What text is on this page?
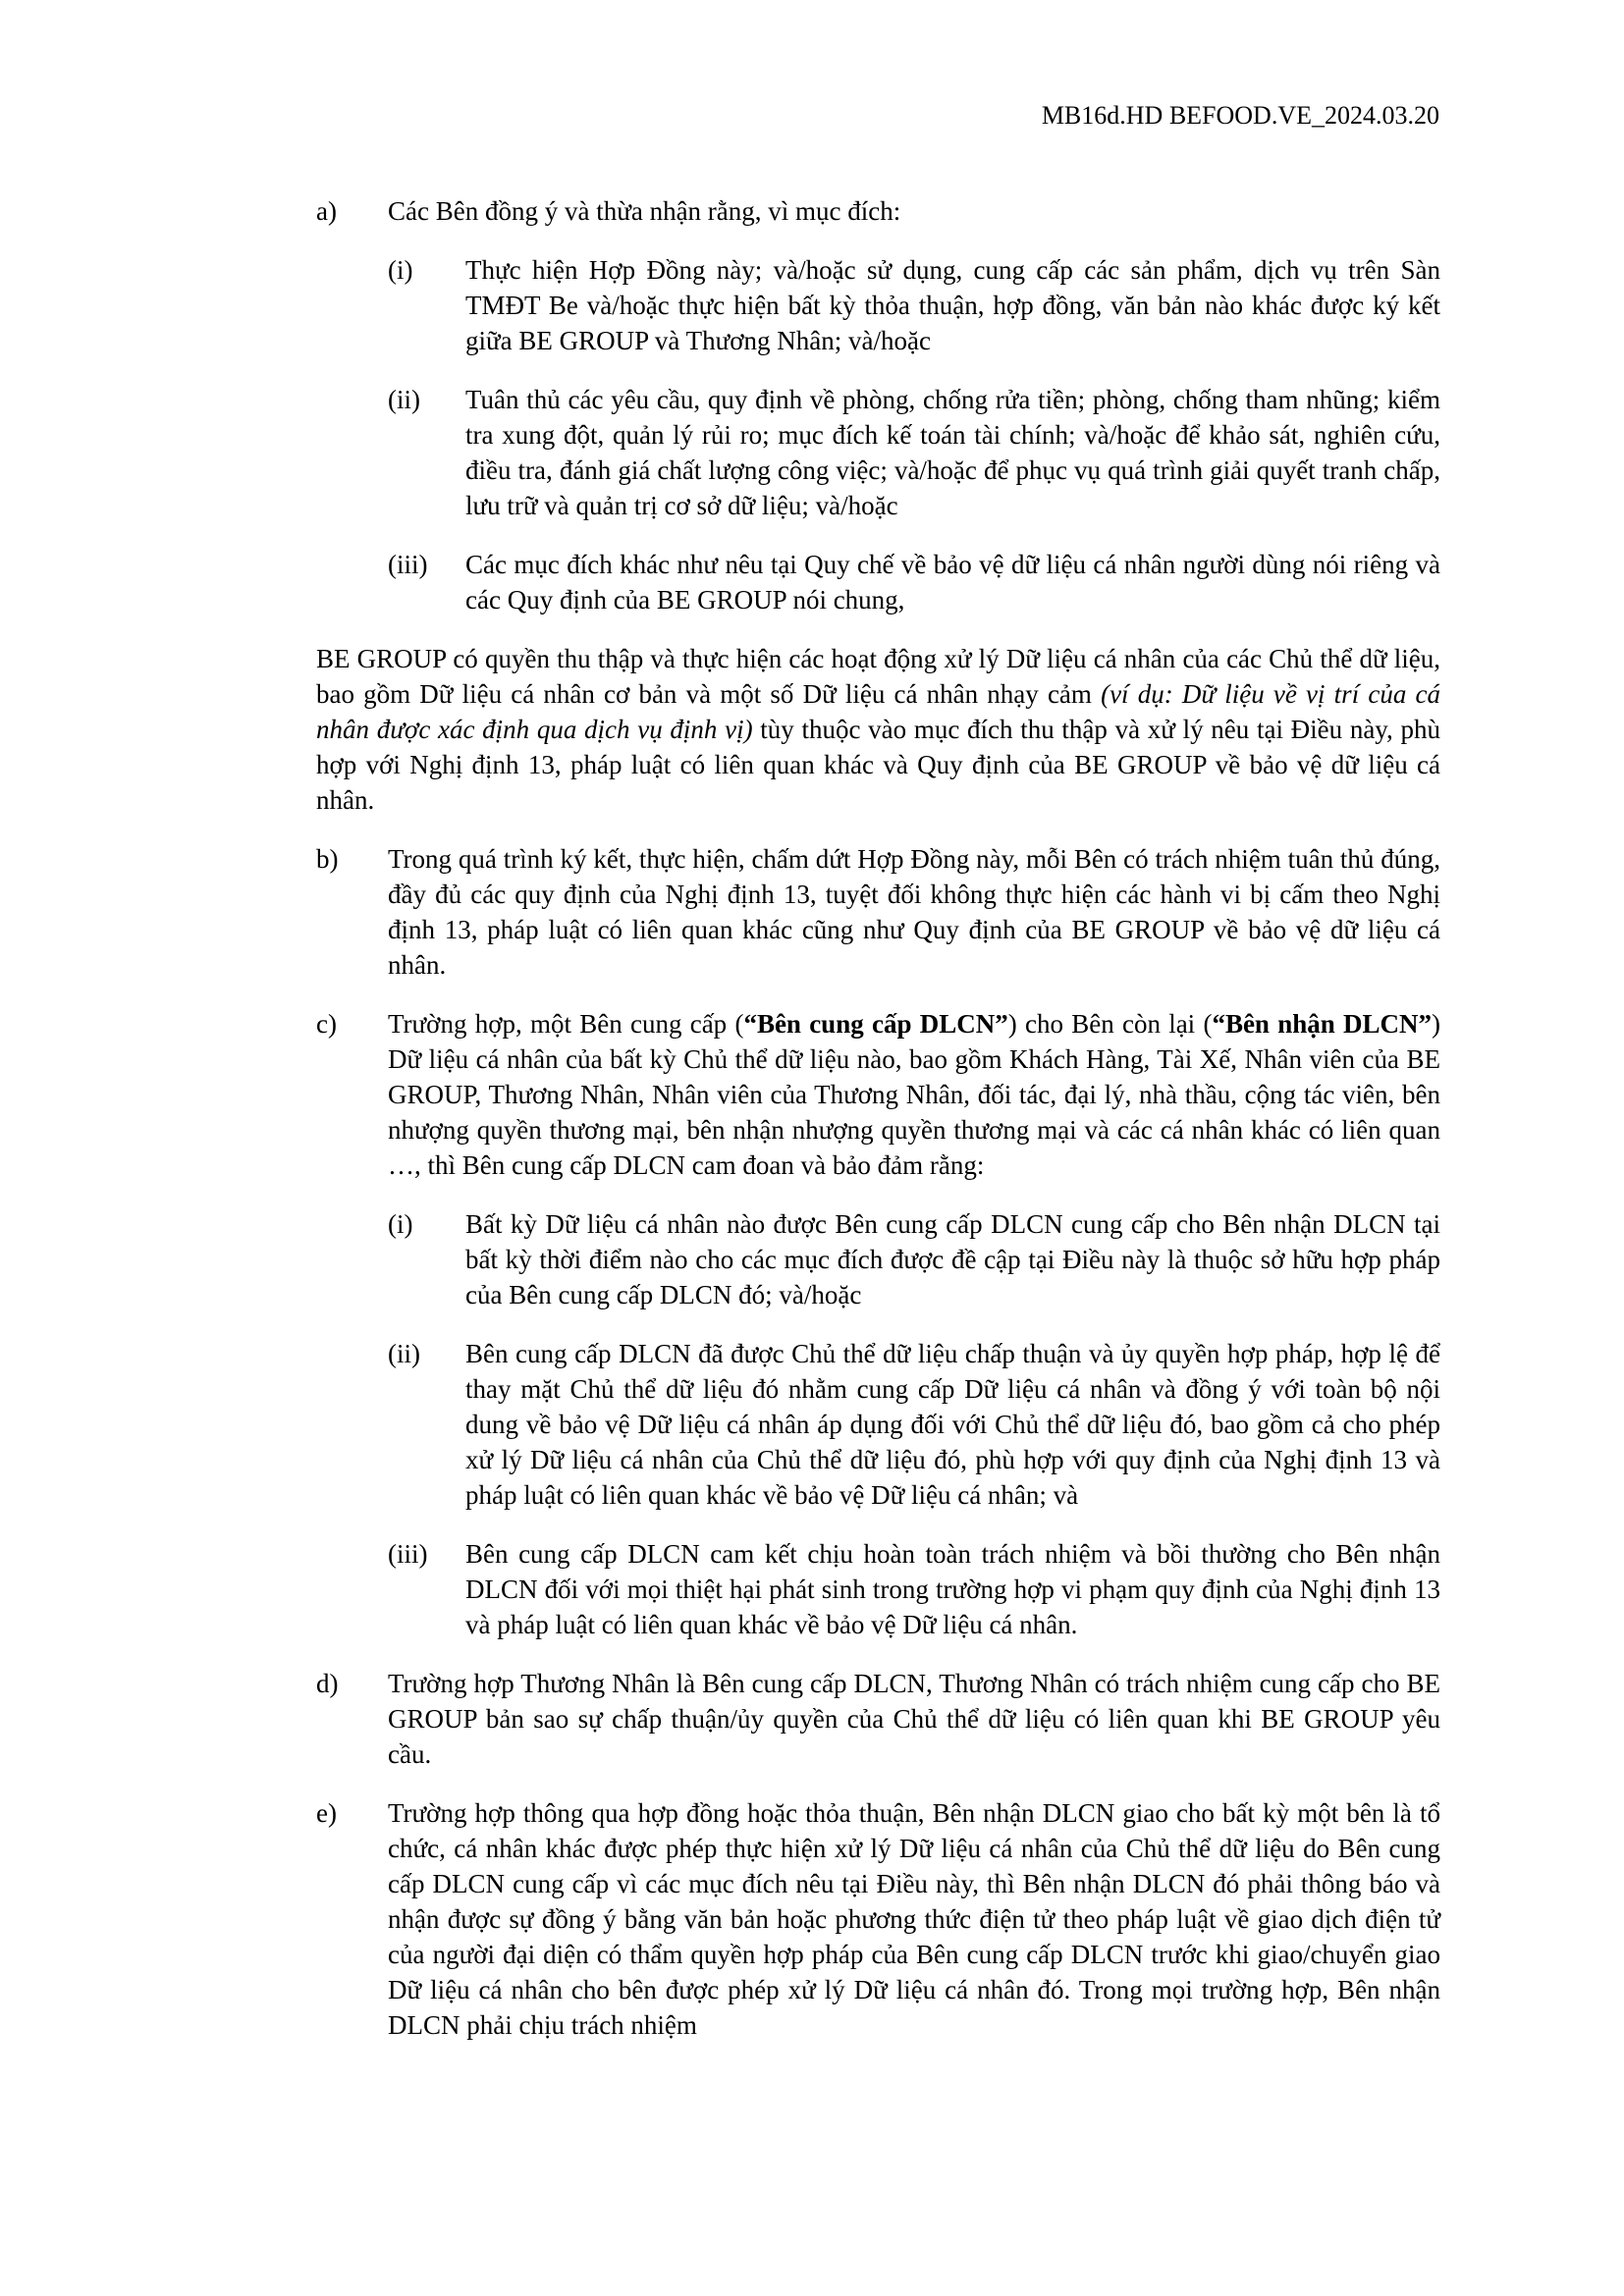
MB16d.HD BEFOOD.VE_2024.03.20
a) Các Bên đồng ý và thừa nhận rằng, vì mục đích:
(i) Thực hiện Hợp Đồng này; và/hoặc sử dụng, cung cấp các sản phẩm, dịch vụ trên Sàn TMĐT Be và/hoặc thực hiện bất kỳ thỏa thuận, hợp đồng, văn bản nào khác được ký kết giữa BE GROUP và Thương Nhân; và/hoặc
(ii) Tuân thủ các yêu cầu, quy định về phòng, chống rửa tiền; phòng, chống tham nhũng; kiểm tra xung đột, quản lý rủi ro; mục đích kế toán tài chính; và/hoặc để khảo sát, nghiên cứu, điều tra, đánh giá chất lượng công việc; và/hoặc để phục vụ quá trình giải quyết tranh chấp, lưu trữ và quản trị cơ sở dữ liệu; và/hoặc
(iii) Các mục đích khác như nêu tại Quy chế về bảo vệ dữ liệu cá nhân người dùng nói riêng và các Quy định của BE GROUP nói chung,
BE GROUP có quyền thu thập và thực hiện các hoạt động xử lý Dữ liệu cá nhân của các Chủ thể dữ liệu, bao gồm Dữ liệu cá nhân cơ bản và một số Dữ liệu cá nhân nhạy cảm (ví dụ: Dữ liệu về vị trí của cá nhân được xác định qua dịch vụ định vị) tùy thuộc vào mục đích thu thập và xử lý nêu tại Điều này, phù hợp với Nghị định 13, pháp luật có liên quan khác và Quy định của BE GROUP về bảo vệ dữ liệu cá nhân.
b) Trong quá trình ký kết, thực hiện, chấm dứt Hợp Đồng này, mỗi Bên có trách nhiệm tuân thủ đúng, đầy đủ các quy định của Nghị định 13, tuyệt đối không thực hiện các hành vi bị cấm theo Nghị định 13, pháp luật có liên quan khác cũng như Quy định của BE GROUP về bảo vệ dữ liệu cá nhân.
c) Trường hợp, một Bên cung cấp (“Bên cung cấp DLCN”) cho Bên còn lại (“Bên nhận DLCN”) Dữ liệu cá nhân của bất kỳ Chủ thể dữ liệu nào, bao gồm Khách Hàng, Tài Xế, Nhân viên của BE GROUP, Thương Nhân, Nhân viên của Thương Nhân, đối tác, đại lý, nhà thầu, cộng tác viên, bên nhượng quyền thương mại, bên nhận nhượng quyền thương mại và các cá nhân khác có liên quan …, thì Bên cung cấp DLCN cam đoan và bảo đảm rằng:
(i) Bất kỳ Dữ liệu cá nhân nào được Bên cung cấp DLCN cung cấp cho Bên nhận DLCN tại bất kỳ thời điểm nào cho các mục đích được đề cập tại Điều này là thuộc sở hữu hợp pháp của Bên cung cấp DLCN đó; và/hoặc
(ii) Bên cung cấp DLCN đã được Chủ thể dữ liệu chấp thuận và ủy quyền hợp pháp, hợp lệ để thay mặt Chủ thể dữ liệu đó nhằm cung cấp Dữ liệu cá nhân và đồng ý với toàn bộ nội dung về bảo vệ Dữ liệu cá nhân áp dụng đối với Chủ thể dữ liệu đó, bao gồm cả cho phép xử lý Dữ liệu cá nhân của Chủ thể dữ liệu đó, phù hợp với quy định của Nghị định 13 và pháp luật có liên quan khác về bảo vệ Dữ liệu cá nhân; và
(iii) Bên cung cấp DLCN cam kết chịu hoàn toàn trách nhiệm và bồi thường cho Bên nhận DLCN đối với mọi thiệt hại phát sinh trong trường hợp vi phạm quy định của Nghị định 13 và pháp luật có liên quan khác về bảo vệ Dữ liệu cá nhân.
d) Trường hợp Thương Nhân là Bên cung cấp DLCN, Thương Nhân có trách nhiệm cung cấp cho BE GROUP bản sao sự chấp thuận/ủy quyền của Chủ thể dữ liệu có liên quan khi BE GROUP yêu cầu.
e) Trường hợp thông qua hợp đồng hoặc thỏa thuận, Bên nhận DLCN giao cho bất kỳ một bên là tổ chức, cá nhân khác được phép thực hiện xử lý Dữ liệu cá nhân của Chủ thể dữ liệu do Bên cung cấp DLCN cung cấp vì các mục đích nêu tại Điều này, thì Bên nhận DLCN đó phải thông báo và nhận được sự đồng ý bằng văn bản hoặc phương thức điện tử theo pháp luật về giao dịch điện tử của người đại diện có thẩm quyền hợp pháp của Bên cung cấp DLCN trước khi giao/chuyển giao Dữ liệu cá nhân cho bên được phép xử lý Dữ liệu cá nhân đó. Trong mọi trường hợp, Bên nhận DLCN phải chịu trách nhiệm
